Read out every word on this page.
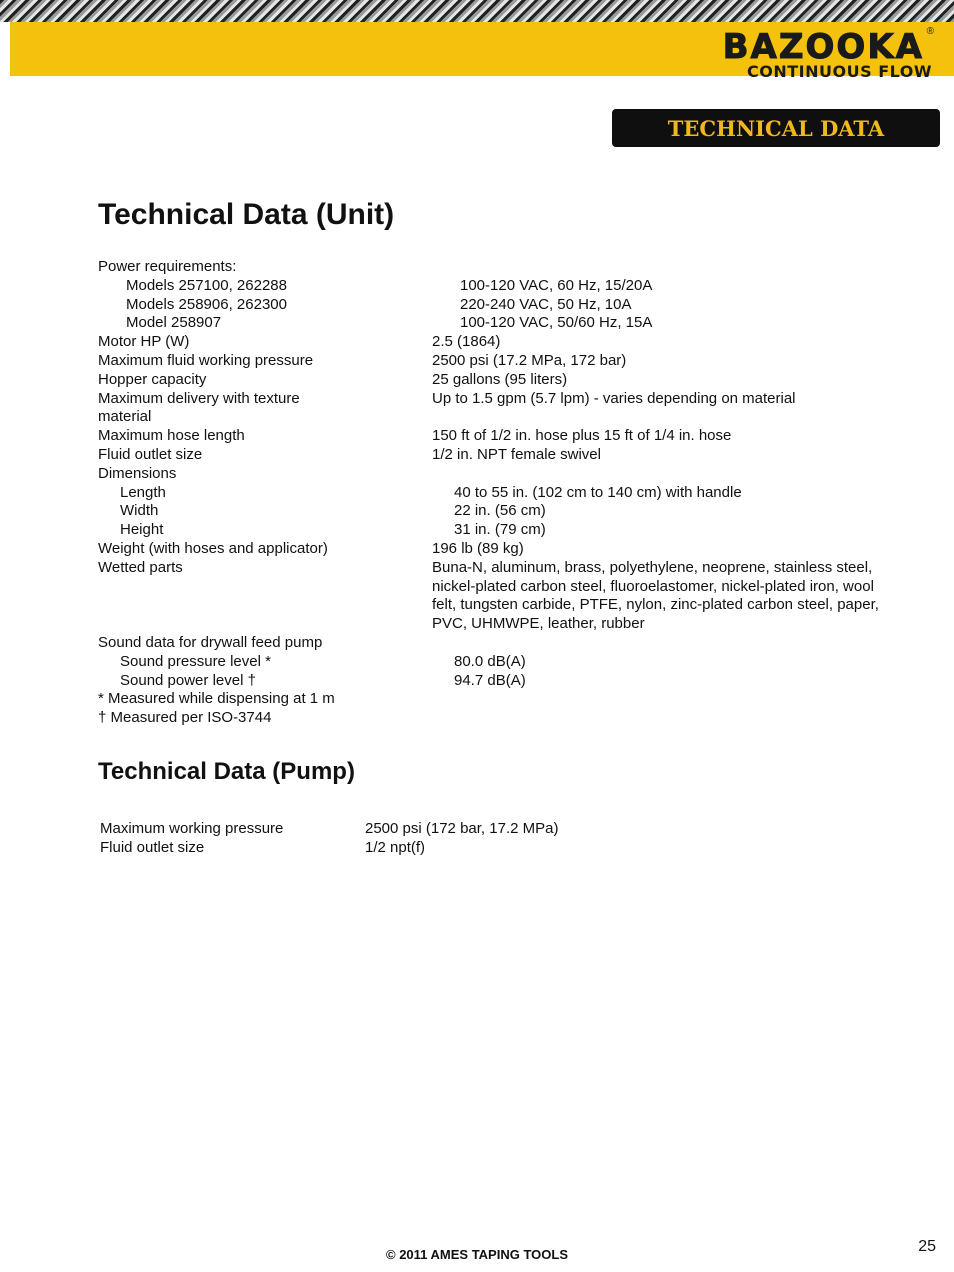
BAZOOKA ®
CONTINUOUS FLOW
TECHNICAL DATA
Technical Data (Unit)
Power requirements:
Models 257100, 262288	100-120 VAC, 60 Hz, 15/20A
Models 258906, 262300	220-240 VAC, 50 Hz, 10A
Model 258907	100-120 VAC, 50/60 Hz, 15A
Motor HP (W)	2.5 (1864)
Maximum fluid working pressure	2500 psi (17.2 MPa, 172 bar)
Hopper capacity	25 gallons (95 liters)
Maximum delivery with texture	Up to 1.5 gpm (5.7 lpm) - varies depending on material
material
Maximum hose length	150 ft of 1/2 in. hose plus 15 ft of 1/4 in. hose
Fluid outlet size	1/2 in. NPT female swivel
Dimensions
Length	40 to 55 in. (102 cm to 140 cm) with handle
Width	22 in. (56 cm)
Height	31 in. (79 cm)
Weight (with hoses and applicator)	196 lb (89 kg)
Wetted parts	Buna-N, aluminum, brass, polyethylene, neoprene, stainless steel, nickel-plated carbon steel, fluoroelastomer, nickel-plated iron, wool felt, tungsten carbide, PTFE, nylon, zinc-plated carbon steel, paper, PVC, UHMWPE, leather, rubber
Sound data for drywall feed pump
Sound pressure level *	80.0 dB(A)
Sound power level †	94.7 dB(A)
* Measured while dispensing at 1 m
† Measured per ISO-3744
Technical Data (Pump)
Maximum working pressure	2500 psi (172 bar, 17.2 MPa)
Fluid outlet size	1/2 npt(f)
© 2011 AMES TAPING TOOLS	25
